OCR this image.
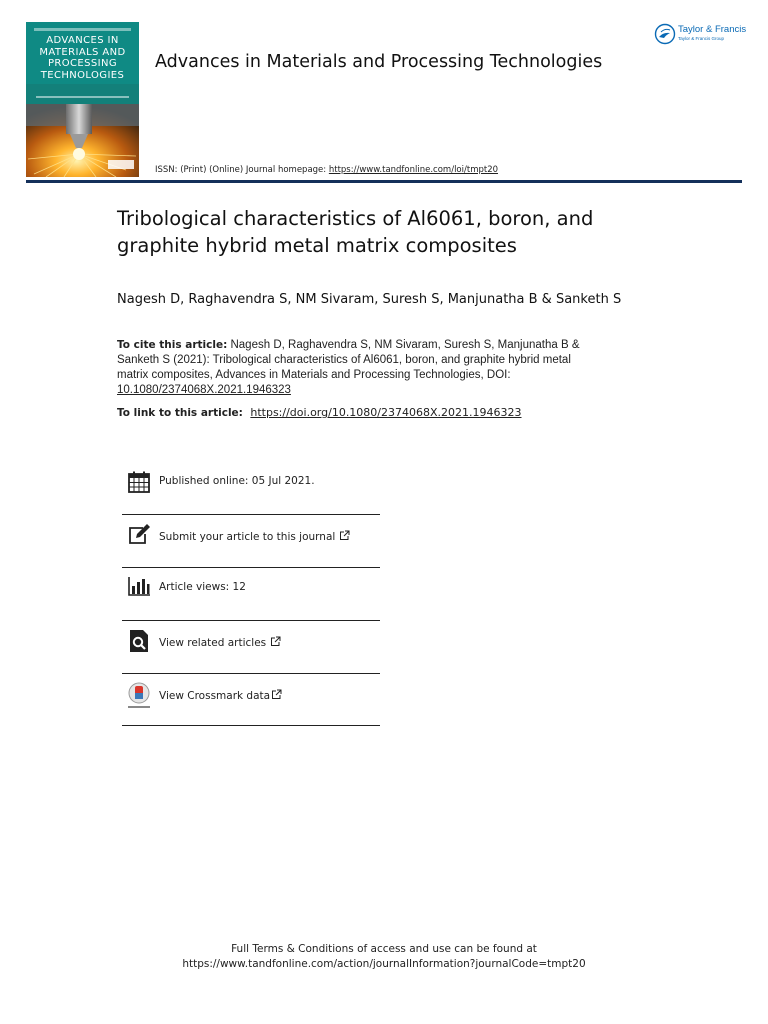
ADVANCES IN
MATERIALS AND
PROCESSING
TECHNOLOGIES
Advances in Materials and Processing Technologies
Taylor & Francis
Taylor & Francis Group
ISSN: (Print) (Online) Journal homepage: https://www.tandfonline.com/loi/tmpt20
Tribological characteristics of Al6061, boron, and
graphite hybrid metal matrix composites
Nagesh D, Raghavendra S, NM Sivaram, Suresh S, Manjunatha B & Sanketh S
To cite this article: Nagesh D, Raghavendra S, NM Sivaram, Suresh S, Manjunatha B & Sanketh S (2021): Tribological characteristics of Al6061, boron, and graphite hybrid metal matrix composites, Advances in Materials and Processing Technologies, DOI: 10.1080/2374068X.2021.1946323
To link to this article: https://doi.org/10.1080/2374068X.2021.1946323
Published online: 05 Jul 2021.
Submit your article to this journal
Article views: 12
View related articles
View Crossmark data
Full Terms & Conditions of access and use can be found at
https://www.tandfonline.com/action/journalInformation?journalCode=tmpt20
